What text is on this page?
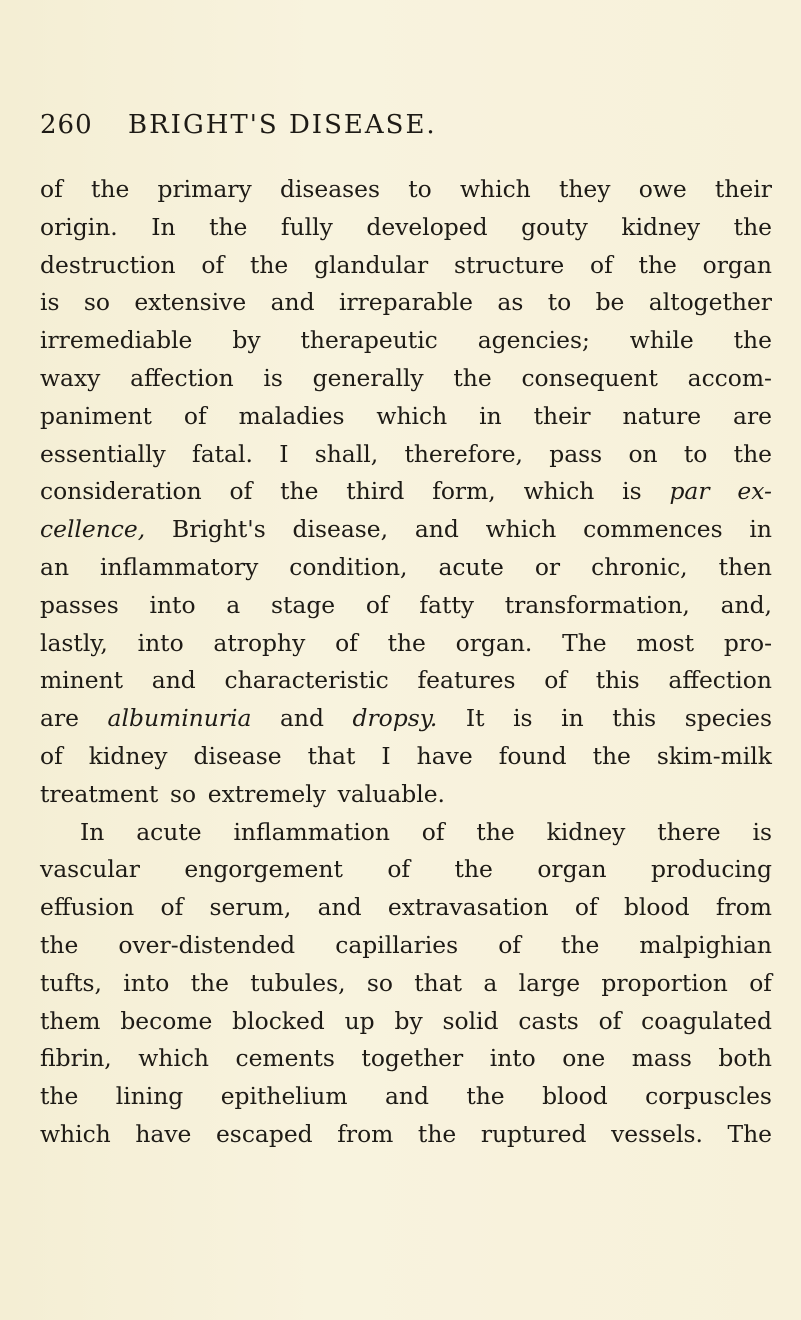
260 BRIGHT'S DISEASE.
of the primary diseases to which they owe their
origin. In the fully developed gouty kidney the
destruction of the glandular structure of the organ
is so extensive and irreparable as to be altogether
irremediable by therapeutic agencies; while the
waxy affection is generally the consequent accom-
paniment of maladies which in their nature are
essentially fatal. I shall, therefore, pass on to the
consideration of the third form, which is par ex-
cellence, Bright's disease, and which commences in
an inflammatory condition, acute or chronic, then
passes into a stage of fatty transformation, and,
lastly, into atrophy of the organ. The most pro-
minent and characteristic features of this affection
are albuminuria and dropsy. It is in this species
of kidney disease that I have found the skim-milk
treatment so extremely valuable.
In acute inflammation of the kidney there is
vascular engorgement of the organ producing
effusion of serum, and extravasation of blood from
the over-distended capillaries of the malpighian
tufts, into the tubules, so that a large proportion of
them become blocked up by solid casts of coagulated
fibrin, which cements together into one mass both
the lining epithelium and the blood corpuscles
which have escaped from the ruptured vessels. The
